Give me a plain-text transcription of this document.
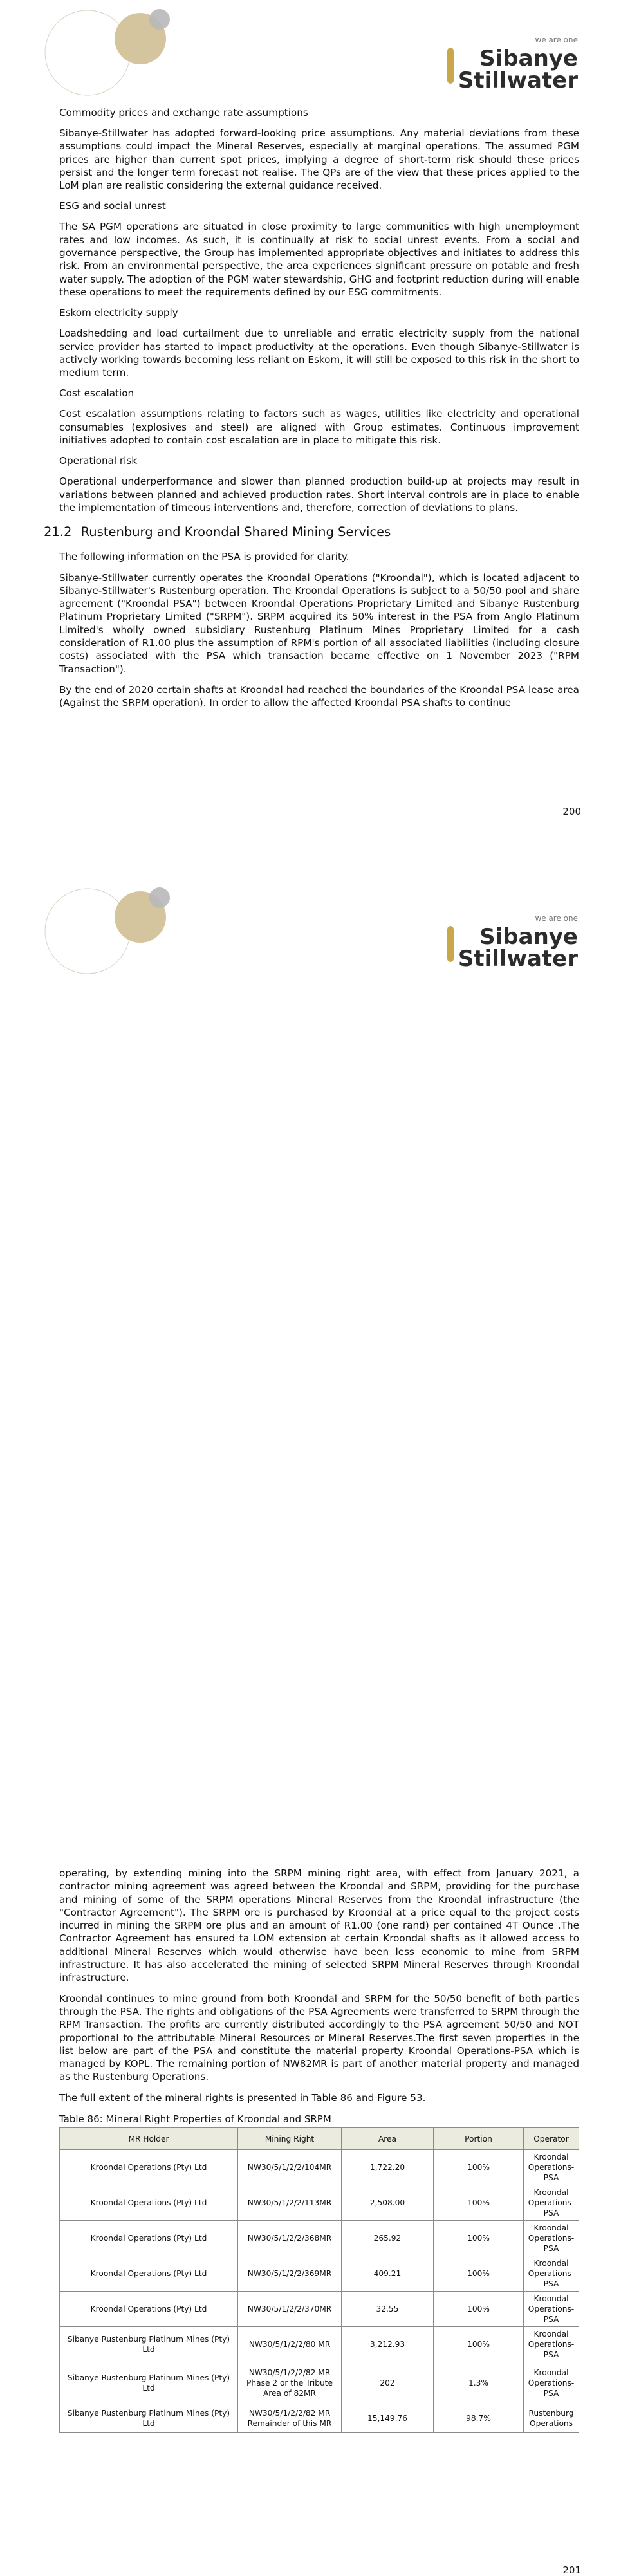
we are one
Sibanye
Stillwater
Commodity prices and exchange rate assumptions

Sibanye-Stillwater has adopted forward-looking price assumptions. Any material deviations from these assumptions could impact the Mineral Reserves, especially at marginal operations. The assumed PGM prices are higher than current spot prices, implying a degree of short-term risk should these prices persist and the longer term forecast not realise. The QPs are of the view that these prices applied to the LoM plan are realistic considering the external guidance received.

ESG and social unrest

The SA PGM operations are situated in close proximity to large communities with high unemployment rates and low incomes. As such, it is continually at risk to social unrest events. From a social and governance perspective, the Group has implemented appropriate objectives and initiates to address this risk. From an environmental perspective, the area experiences significant pressure on potable and fresh water supply. The adoption of the PGM water stewardship, GHG and footprint reduction during will enable these operations to meet the requirements defined by our ESG commitments.

Eskom electricity supply

Loadshedding and load curtailment due to unreliable and erratic electricity supply from the national service provider has started to impact productivity at the operations. Even though Sibanye-Stillwater is actively working towards becoming less reliant on Eskom, it will still be exposed to this risk in the short to medium term.

Cost escalation

Cost escalation assumptions relating to factors such as wages, utilities like electricity and operational consumables (explosives and steel) are aligned with Group estimates. Continuous improvement initiatives adopted to contain cost escalation are in place to mitigate this risk.

Operational risk

Operational underperformance and slower than planned production build-up at projects may result in variations between planned and achieved production rates. Short interval controls are in place to enable the implementation of timeous interventions and, therefore, correction of deviations to plans.

21.2 Rustenburg and Kroondal Shared Mining Services

The following information on the PSA is provided for clarity.

Sibanye-Stillwater currently operates the Kroondal Operations ("Kroondal"), which is located adjacent to Sibanye-Stillwater's Rustenburg operation. The Kroondal Operations is subject to a 50/50 pool and share agreement ("Kroondal PSA") between Kroondal Operations Proprietary Limited and Sibanye Rustenburg Platinum Proprietary Limited ("SRPM"). SRPM acquired its 50% interest in the PSA from Anglo Platinum Limited's wholly owned subsidiary Rustenburg Platinum Mines Proprietary Limited for a cash consideration of R1.00 plus the assumption of RPM's portion of all associated liabilities (including closure costs) associated with the PSA which transaction became effective on 1 November 2023 ("RPM Transaction").

By the end of 2020 certain shafts at Kroondal had reached the boundaries of the Kroondal PSA lease area (Against the SRPM operation). In order to allow the affected Kroondal PSA shafts to continue

200
we are one
Sibanye
Stillwater

operating, by extending mining into the SRPM mining right area, with effect from January 2021, a contractor mining agreement was agreed between the Kroondal and SRPM, providing for the purchase and mining of some of the SRPM operations Mineral Reserves from the Kroondal infrastructure (the "Contractor Agreement"). The SRPM ore is purchased by Kroondal at a price equal to the project costs incurred in mining the SRPM ore plus and an amount of R1.00 (one rand) per contained 4T Ounce .The Contractor Agreement has ensured ta LOM extension at certain Kroondal shafts as it allowed access to additional Mineral Reserves which would otherwise have been less economic to mine from SRPM infrastructure. It has also accelerated the mining of selected SRPM Mineral Reserves through Kroondal infrastructure.

Kroondal continues to mine ground from both Kroondal and SRPM for the 50/50 benefit of both parties through the PSA. The rights and obligations of the PSA Agreements were transferred to SRPM through the RPM Transaction. The profits are currently distributed accordingly to the PSA agreement 50/50 and NOT proportional to the attributable Mineral Resources or Mineral Reserves.The first seven properties in the list below are part of the PSA and constitute the material property Kroondal Operations-PSA which is managed by KOPL. The remaining portion of NW82MR is part of another material property and managed as the Rustenburg Operations.

The full extent of the mineral rights is presented in Table 86 and Figure 53.

Table 86: Mineral Right Properties of Kroondal and SRPM
MR Holder	Mining Right	Area	Portion	Operator
Kroondal Operations (Pty) Ltd	NW30/5/1/2/2/104MR	1,722.20	100%	Kroondal Operations-PSA
Kroondal Operations (Pty) Ltd	NW30/5/1/2/2/113MR	2,508.00	100%	Kroondal Operations-PSA
Kroondal Operations (Pty) Ltd	NW30/5/1/2/2/368MR	265.92	100%	Kroondal Operations-PSA
Kroondal Operations (Pty) Ltd	NW30/5/1/2/2/369MR	409.21	100%	Kroondal Operations-PSA
Kroondal Operations (Pty) Ltd	NW30/5/1/2/2/370MR	32.55	100%	Kroondal Operations-PSA
Sibanye Rustenburg Platinum Mines (Pty) Ltd	NW30/5/1/2/2/80 MR	3,212.93	100%	Kroondal Operations-PSA
Sibanye Rustenburg Platinum Mines (Pty) Ltd	NW30/5/1/2/2/82 MR Phase 2 or the Tribute Area of 82MR	202	1.3%	Kroondal Operations-PSA
Sibanye Rustenburg Platinum Mines (Pty) Ltd	NW30/5/1/2/2/82 MR Remainder of this MR	15,149.76	98.7%	Rustenburg Operations
201
